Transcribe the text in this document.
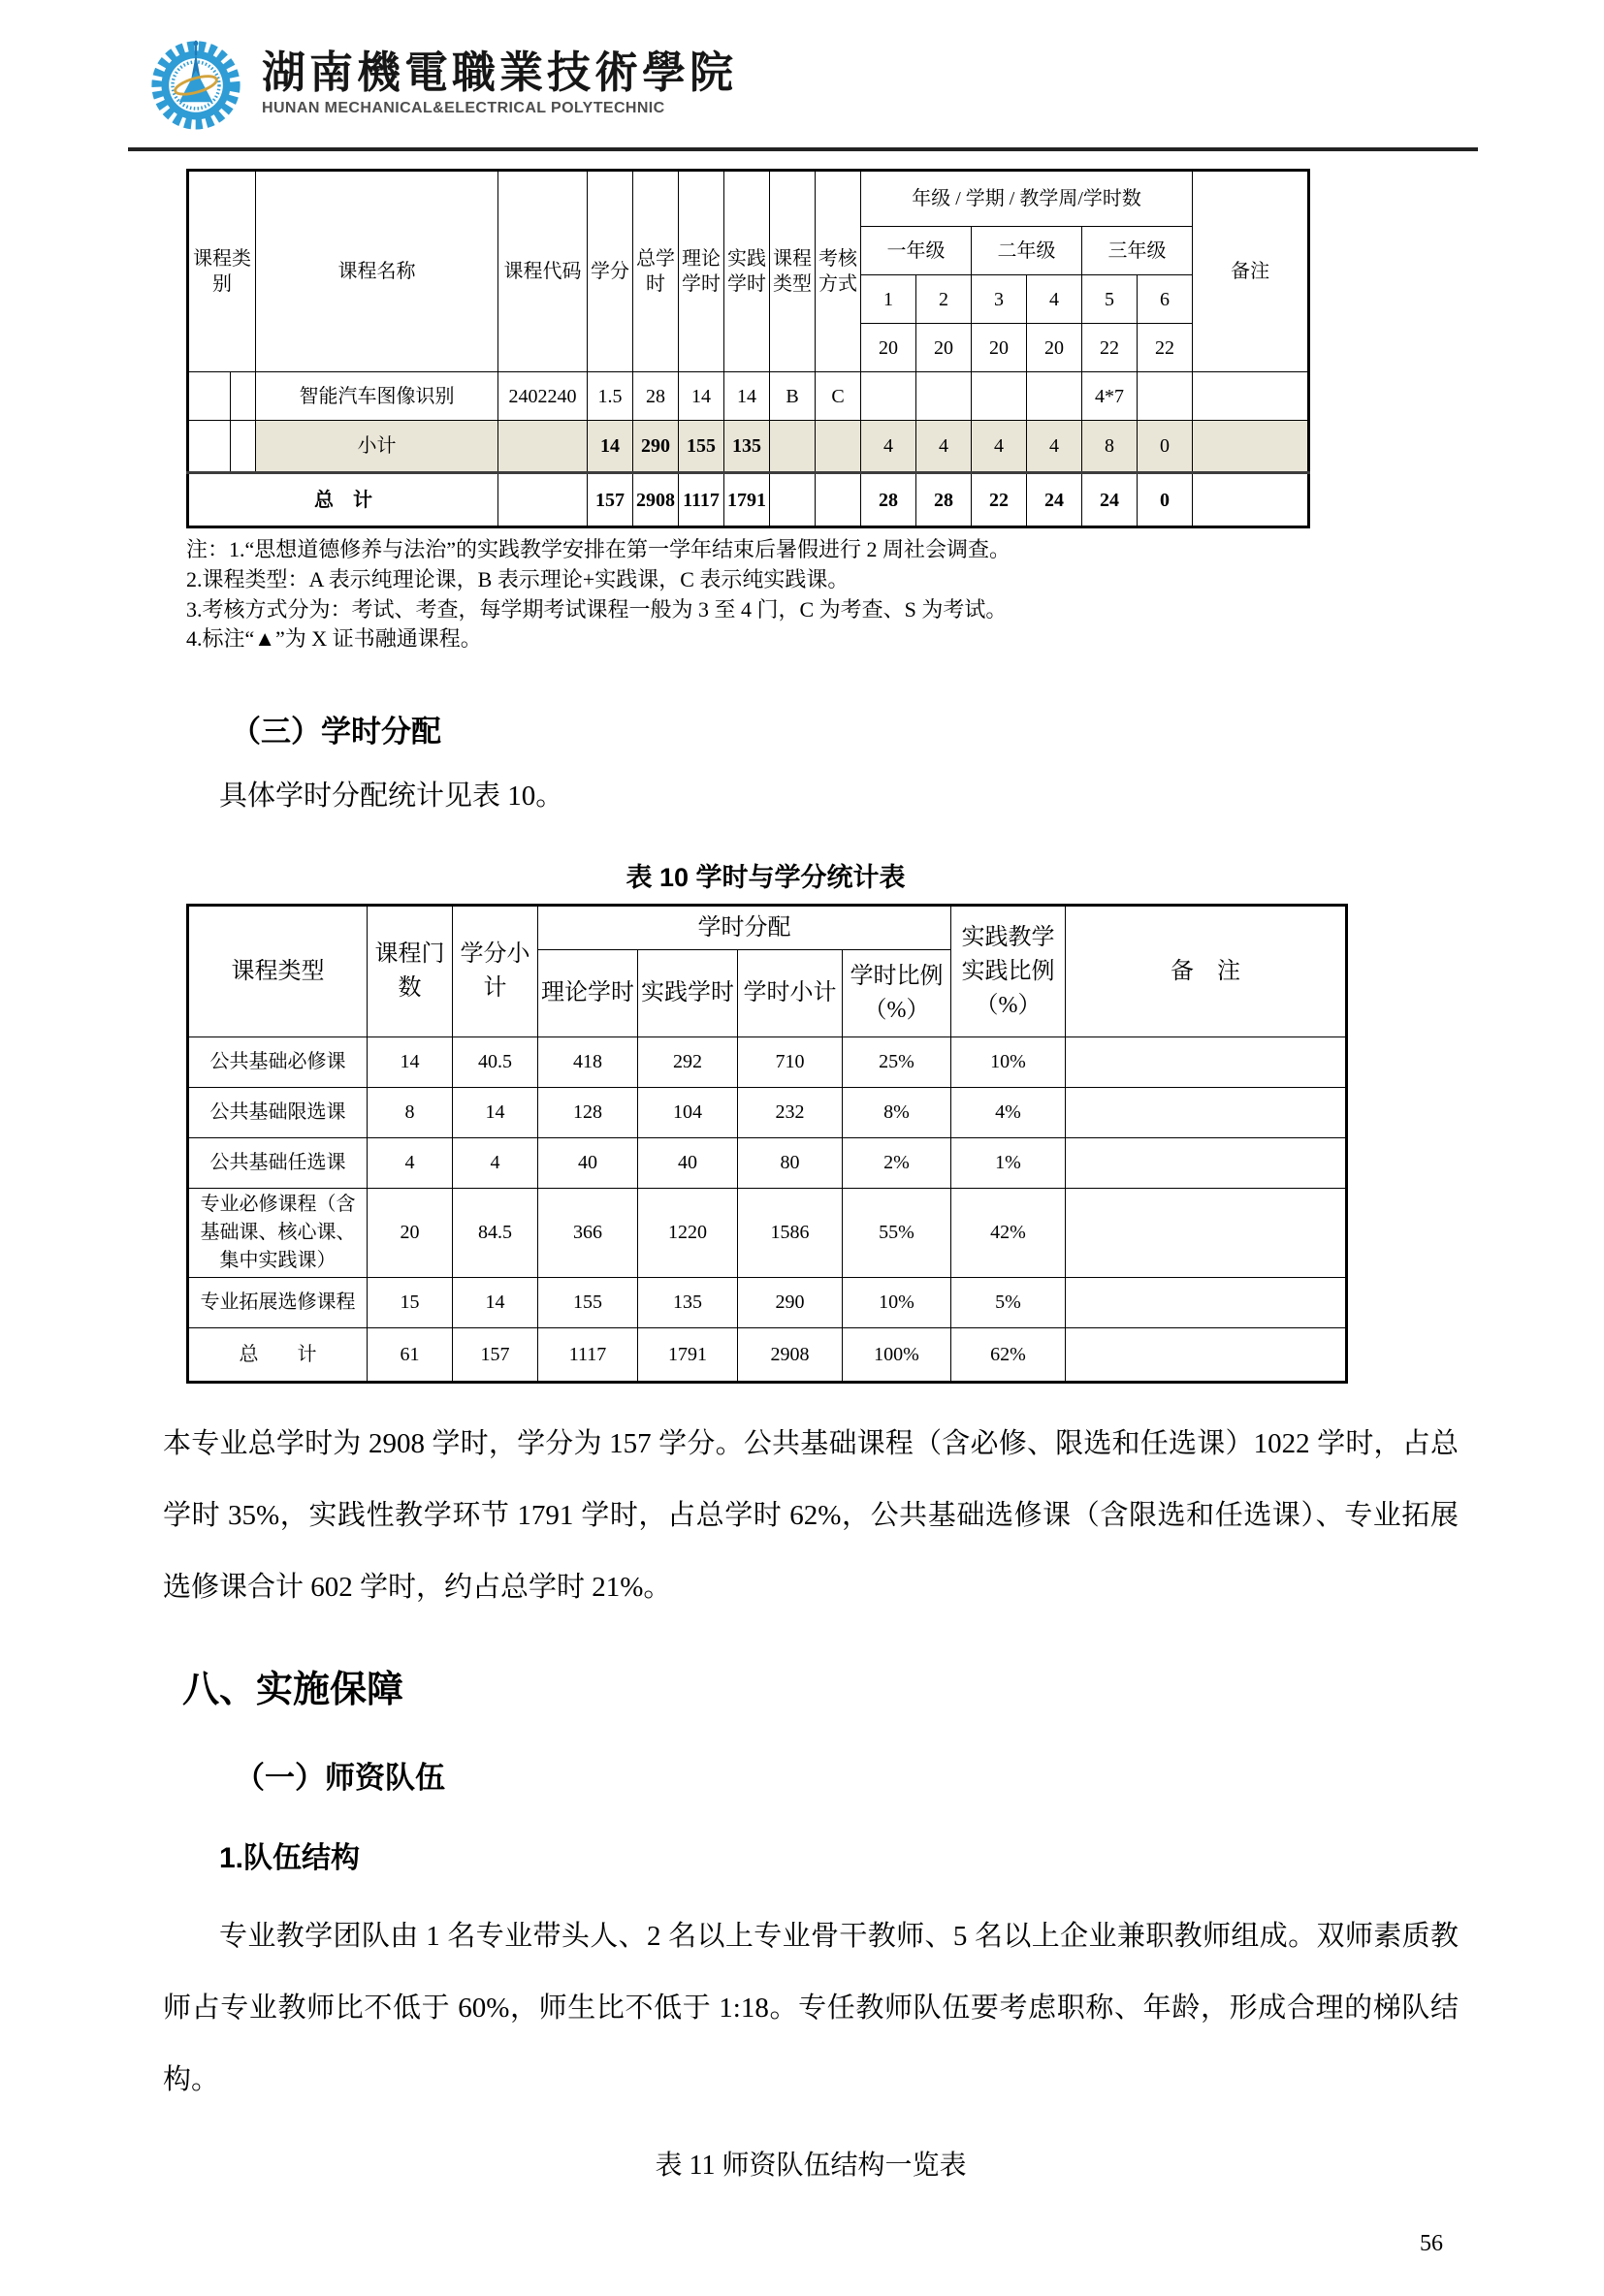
湖南機電職業技術學院
HUNAN MECHANICAL&ELECTRICAL POLYTECHNIC
课程类别	课程名称	课程代码	学分	总学时	理论学时	实践学时	课程类型	考核方式	年级 / 学期 / 教学周/学时数						备注
									一年级		二年级		三年级		
									1	2	3	4	5	6	
									20	20	20	20	22	22	
	智能汽车图像识别	2402240	1.5	28	14	14	B	C					4*7		
	小计		14	290	155	135			4	4	4	4	8	0	
总　计			157	2908	1117	1791			28	28	22	24	24	0	
注：1.“思想道德修养与法治”的实践教学安排在第一学年结束后暑假进行 2 周社会调查。
2.课程类型：A 表示纯理论课，B 表示理论+实践课，C 表示纯实践课。
3.考核方式分为：考试、考查，每学期考试课程一般为 3 至 4 门，C 为考查、S 为考试。
4.标注“▲”为 X 证书融通课程。
（三）学时分配

具体学时分配统计见表 10。

表 10 学时与学分统计表
课程类型	课程门数	学分小计	学时分配				实践教学实践比例（%）	备　注
			理论学时	实践学时	学时小计	学时比例（%）		
公共基础必修课	14	40.5	418	292	710	25%	10%	
公共基础限选课	8	14	128	104	232	8%	4%	
公共基础任选课	4	4	40	40	80	2%	1%	
专业必修课程（含基础课、核心课、集中实践课）	20	84.5	366	1220	1586	55%	42%	
专业拓展选修课程	15	14	155	135	290	10%	5%	
总　　计	61	157	1117	1791	2908	100%	62%	

本专业总学时为 2908 学时，学分为 157 学分。公共基础课程（含必修、限选和任选课）1022 学时，占总学时 35%，实践性教学环节 1791 学时，占总学时 62%，公共基础选修课（含限选和任选课）、专业拓展选修课合计 602 学时，约占总学时 21%。

八、实施保障
（一）师资队伍
1.队伍结构

专业教学团队由 1 名专业带头人、2 名以上专业骨干教师、5 名以上企业兼职教师组成。双师素质教师占专业教师比不低于 60%，师生比不低于 1:18。专任教师队伍要考虑职称、年龄，形成合理的梯队结构。

表 11 师资队伍结构一览表
56
